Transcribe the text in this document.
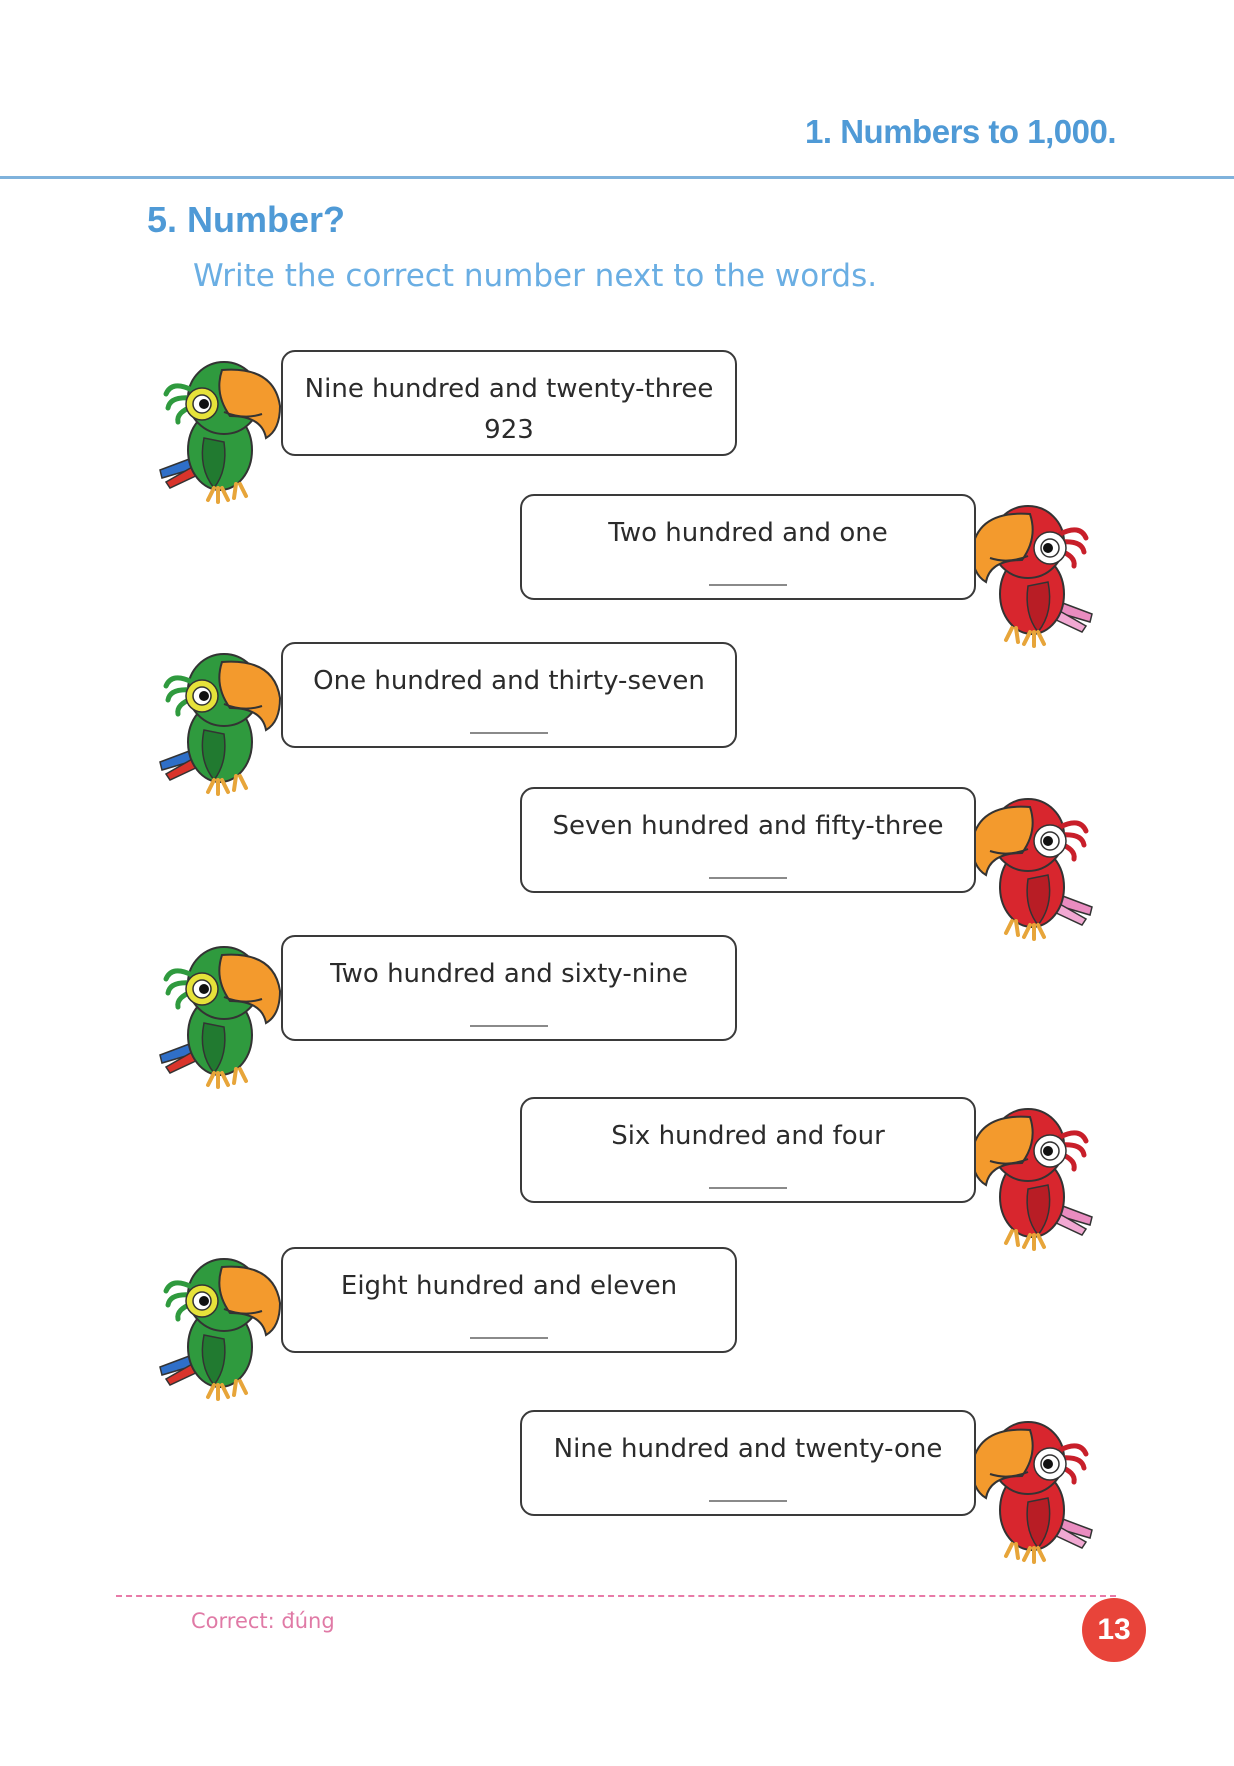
1. Numbers to 1,000.
5. Number?

Write the correct number next to the words.

Nine hundred and twenty-three
923
Two hundred and one
One hundred and thirty-seven
Seven hundred and fifty-three
Two hundred and sixty-nine
Six hundred and four
Eight hundred and eleven
Nine hundred and twenty-one

Correct: đúng	13
